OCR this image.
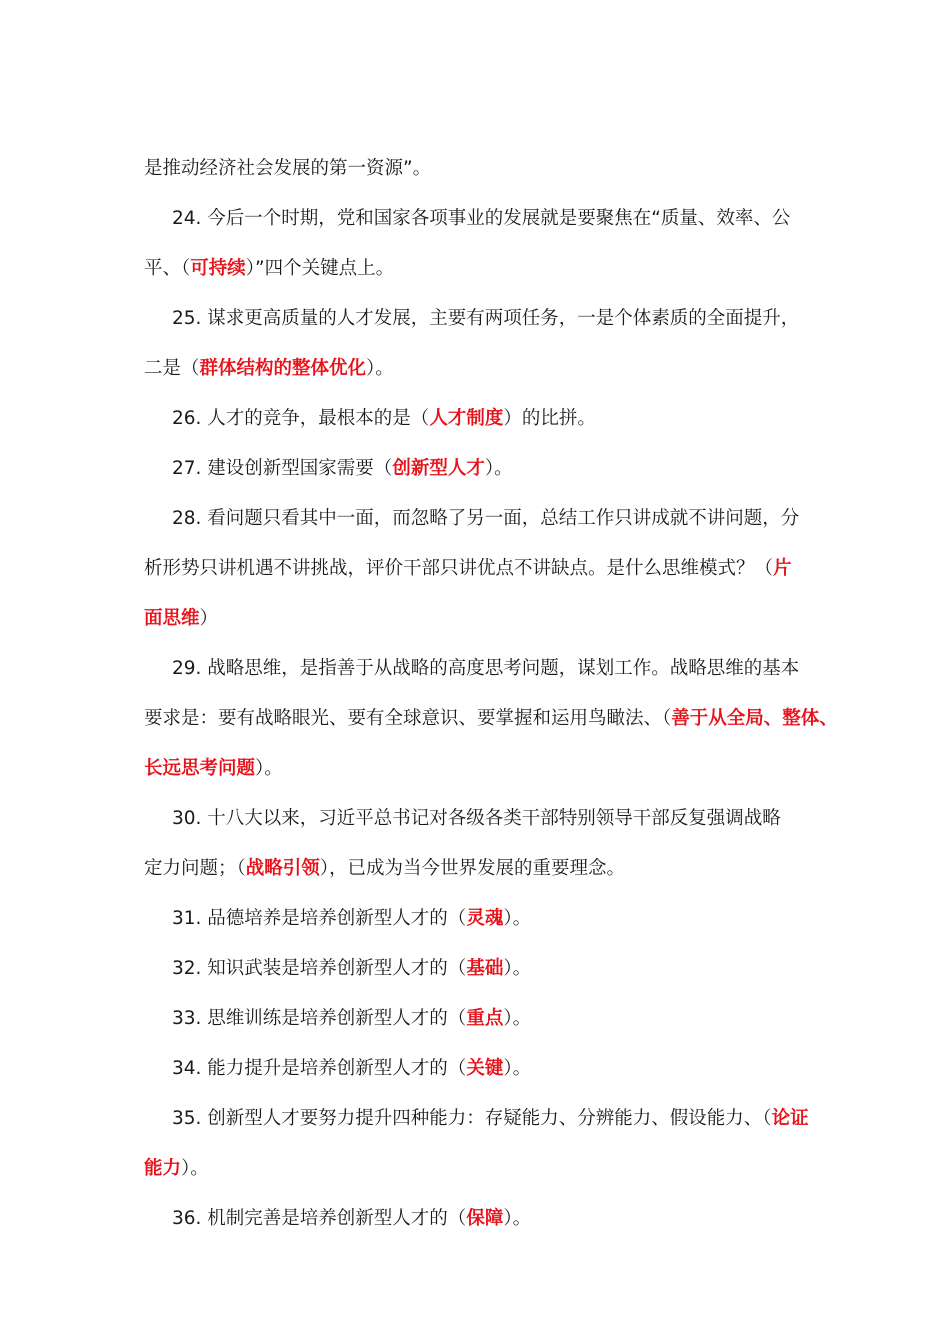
是推动经济社会发展的第一资源”。

24. 今后一个时期，党和国家各项事业的发展就是要聚焦在“质量、效率、公

平、（可持续）”四个关键点上。

25. 谋求更高质量的人才发展，主要有两项任务，一是个体素质的全面提升，

二是（群体结构的整体优化）。

26. 人才的竞争，最根本的是（人才制度）的比拼。

27. 建设创新型国家需要（创新型人才）。

28. 看问题只看其中一面，而忽略了另一面，总结工作只讲成就不讲问题，分

析形势只讲机遇不讲挑战，评价干部只讲优点不讲缺点。是什么思维模式？（片

面思维）

29. 战略思维，是指善于从战略的高度思考问题，谋划工作。战略思维的基本

要求是：要有战略眼光、要有全球意识、要掌握和运用鸟瞰法、（善于从全局、整体、

长远思考问题）。

30. 十八大以来，习近平总书记对各级各类干部特别领导干部反复强调战略

定力问题；（战略引领），已成为当今世界发展的重要理念。

31. 品德培养是培养创新型人才的（灵魂）。

32. 知识武装是培养创新型人才的（基础）。

33. 思维训练是培养创新型人才的（重点）。

34. 能力提升是培养创新型人才的（关键）。

35. 创新型人才要努力提升四种能力：存疑能力、分辨能力、假设能力、（论证

能力）。

36. 机制完善是培养创新型人才的（保障）。
